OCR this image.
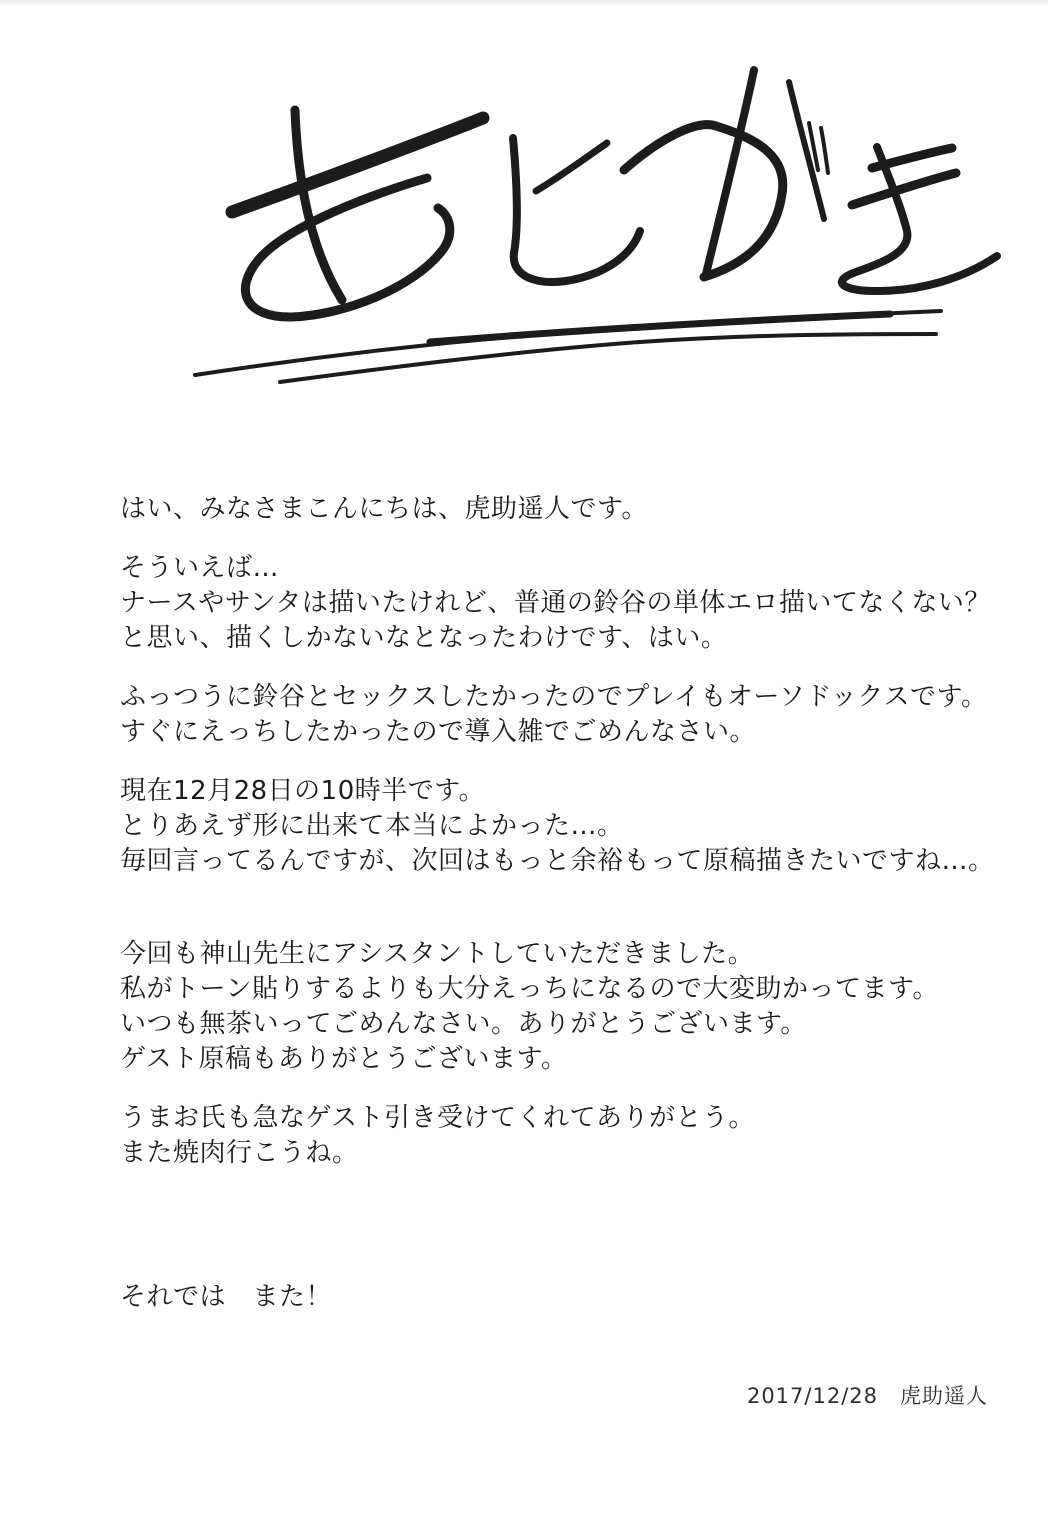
はい、みなさまこんにちは、虎助遥人です。
そういえば…
ナースやサンタは描いたけれど、普通の鈴谷の単体エロ描いてなくない？
と思い、描くしかないなとなったわけです、はい。
ふっつうに鈴谷とセックスしたかったのでプレイもオーソドックスです。
すぐにえっちしたかったので導入雑でごめんなさい。
現在12月28日の10時半です。
とりあえず形に出来て本当によかった…。
毎回言ってるんですが、次回はもっと余裕もって原稿描きたいですね…。
今回も神山先生にアシスタントしていただきました。
私がトーン貼りするよりも大分えっちになるので大変助かってます。
いつも無茶いってごめんなさい。ありがとうございます。
ゲスト原稿もありがとうございます。
うまお氏も急なゲスト引き受けてくれてありがとう。
また焼肉行こうね。
それでは　また！
2017/12/28　虎助遥人
